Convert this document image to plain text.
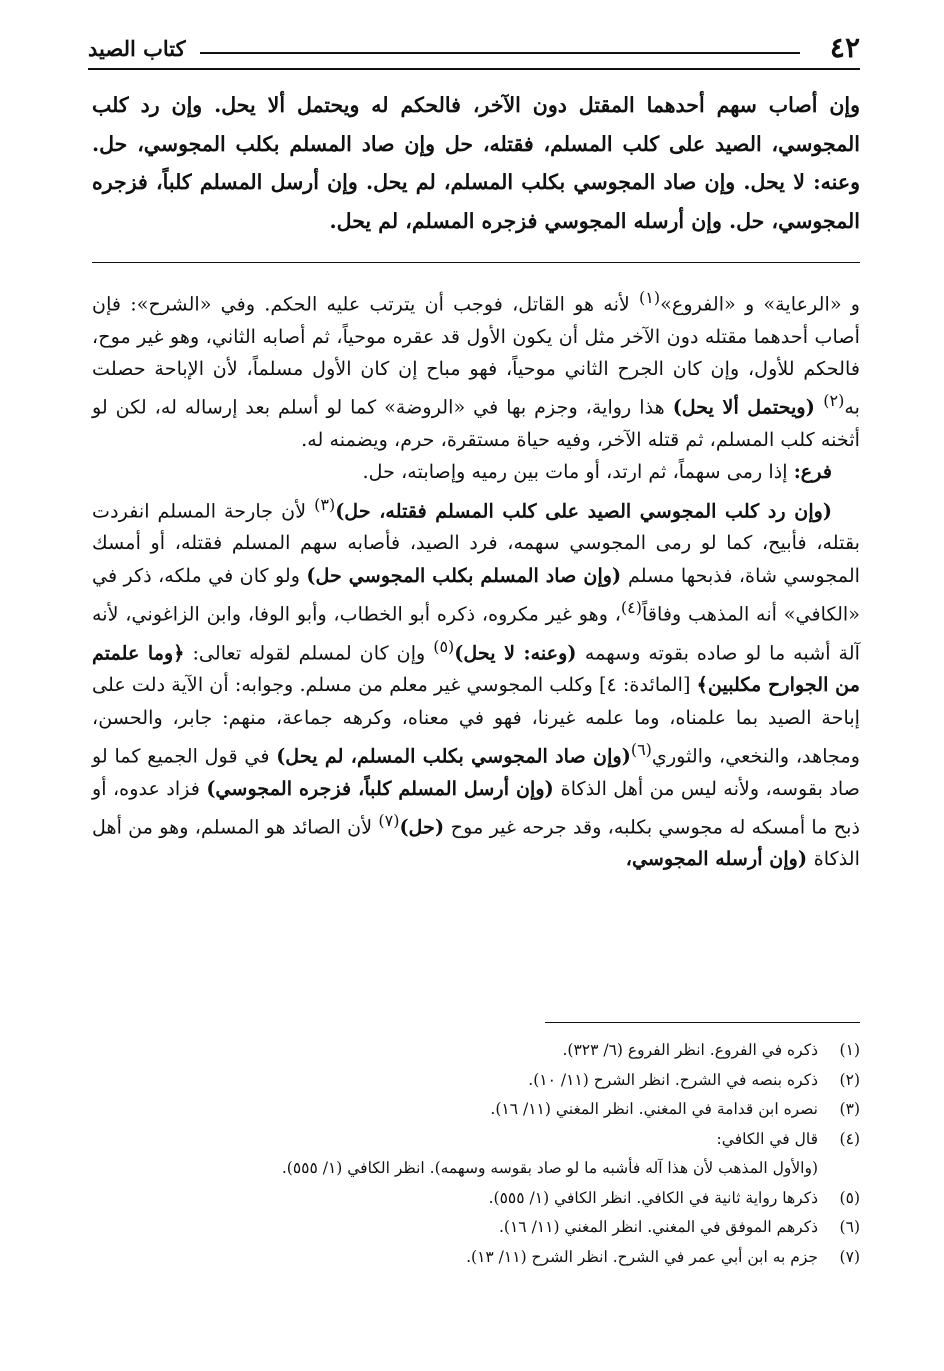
٤٢
كتاب الصيد
وإن أصاب سهم أحدهما المقتل دون الآخر، فالحكم له ويحتمل ألا يحل. وإن رد كلب المجوسي، الصيد على كلب المسلم، فقتله، حل وإن صاد المسلم بكلب المجوسي، حل. وعنه: لا يحل. وإن صاد المجوسي بكلب المسلم، لم يحل. وإن أرسل المسلم كلباً، فزجره المجوسي، حل. وإن أرسله المجوسي فزجره المسلم، لم يحل.

و «الرعاية» و «الفروع»$^{(١)}$ لأنه هو القاتل، فوجب أن يترتب عليه الحكم. وفي «الشرح»: فإن أصاب أحدهما مقتله دون الآخر مثل أن يكون الأول قد عقره موحياً، ثم أصابه الثاني، وهو غير موح، فالحكم للأول، وإن كان الجرح الثاني موحياً، فهو مباح إن كان الأول مسلماً، لأن الإباحة حصلت به$^{(٢)}$ (ويحتمل ألا يحل) هذا رواية، وجزم بها في «الروضة» كما لو أسلم بعد إرساله له، لكن لو أثخنه كلب المسلم، ثم قتله الآخر، وفيه حياة مستقرة، حرم، ويضمنه له.

فرع: إذا رمى سهماً، ثم ارتد، أو مات بين رميه وإصابته، حل.

(وإن رد كلب المجوسي الصيد على كلب المسلم فقتله، حل)$^{(٣)}$ لأن جارحة المسلم انفردت بقتله، فأبيح، كما لو رمى المجوسي سهمه، فرد الصيد، فأصابه سهم المسلم فقتله، أو أمسك المجوسي شاة، فذبحها مسلم (وإن صاد المسلم بكلب المجوسي حل) ولو كان في ملكه، ذكر في «الكافي» أنه المذهب وفاقاً$^{(٤)}$، وهو غير مكروه، ذكره أبو الخطاب، وأبو الوفا، وابن الزاغوني، لأنه آلة أشبه ما لو صاده بقوته وسهمه (وعنه: لا يحل)$^{(٥)}$ وإن كان لمسلم لقوله تعالى: ﴿وما علمتم من الجوارح مكلبين﴾ [المائدة: ٤] وكلب المجوسي غير معلم من مسلم. وجوابه: أن الآية دلت على إباحة الصيد بما علمناه، وما علمه غيرنا، فهو في معناه، وكرهه جماعة، منهم: جابر، والحسن، ومجاهد، والنخعي، والثوري$^{(٦)}$(وإن صاد المجوسي بكلب المسلم، لم يحل) في قول الجميع كما لو صاد بقوسه، ولأنه ليس من أهل الذكاة (وإن أرسل المسلم كلباً، فزجره المجوسي) فزاد عدوه، أو ذبح ما أمسكه له مجوسي بكلبه، وقد جرحه غير موح (حل)$^{(٧)}$ لأن الصائد هو المسلم، وهو من أهل الذكاة (وإن أرسله المجوسي،

(١)
ذكره في الفروع. انظر الفروع (٦/ ٣٢٣).
(٢)
ذكره بنصه في الشرح. انظر الشرح (١١/ ١٠).
(٣)
نصره ابن قدامة في المغني. انظر المغني (١١/ ١٦).
(٤)
قال في الكافي:
(والأول المذهب لأن هذا آله فأشبه ما لو صاد بقوسه وسهمه). انظر الكافي (١/ ٥٥٥).
(٥)
ذكرها رواية ثانية في الكافي. انظر الكافي (١/ ٥٥٥).
(٦)
ذكرهم الموفق في المغني. انظر المغني (١١/ ١٦).
(٧)
جزم به ابن أبي عمر في الشرح. انظر الشرح (١١/ ١٣).
